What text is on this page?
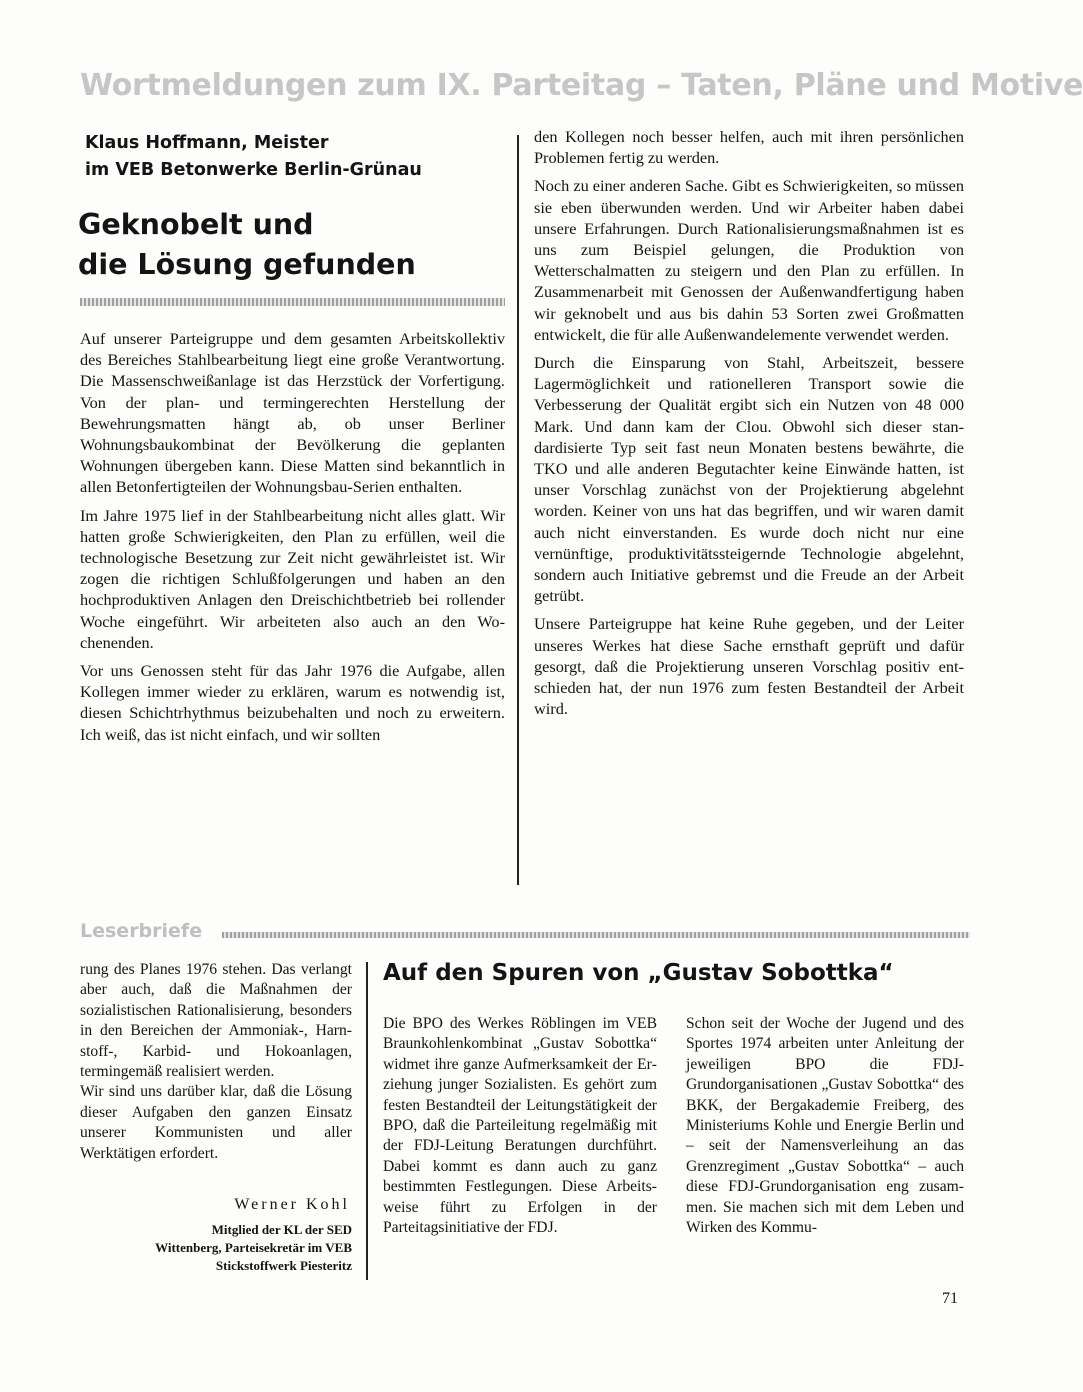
Wortmeldungen zum IX. Parteitag – Taten, Pläne und Motive
Klaus Hoffmann, Meister
im VEB Betonwerke Berlin-Grünau
Geknobelt und
die Lösung gefunden

Auf unserer Parteigruppe und dem gesamten Arbeitskollektiv des Bereiches Stahlbearbeitung liegt eine große Verantwortung. Die Massenschweißanlage ist das Herzstück der Vorfertigung. Von der plan- und termingerechten Herstellung der Bewehrungsmatten hängt ab, ob unser Berliner Wohnungsbaukombinat der Bevölkerung die geplanten Wohnungen übergeben kann. Diese Matten sind bekanntlich in allen Betonfertigteilen der Wohnungsbau-Serien enthalten.

Im Jahre 1975 lief in der Stahlbearbeitung nicht alles glatt. Wir hatten große Schwierigkeiten, den Plan zu erfüllen, weil die technologische Besetzung zur Zeit nicht gewährleistet ist. Wir zogen die richtigen Schlußfolgerungen und haben an den hochproduktiven Anlagen den Dreischichtbetrieb bei rollender Woche eingeführt. Wir arbeiteten also auch an den Wochenenden.

Vor uns Genossen steht für das Jahr 1976 die Aufgabe, allen Kollegen immer wieder zu erklären, warum es notwendig ist, diesen Schichtrhythmus beizubehalten und noch zu erweitern. Ich weiß, das ist nicht einfach, und wir sollten

den Kollegen noch besser helfen, auch mit ihren persönlichen Problemen fertig zu werden.

Noch zu einer anderen Sache. Gibt es Schwierigkeiten, so müssen sie eben überwunden werden. Und wir Arbeiter haben dabei unsere Erfahrungen. Durch Rationalisierungsmaßnahmen ist es uns zum Beispiel gelungen, die Produktion von Wetterschalmatten zu steigern und den Plan zu erfüllen. In Zusammenarbeit mit Genossen der Außenwandfertigung haben wir geknobelt und aus bis dahin 53 Sorten zwei Großmatten entwickelt, die für alle Außenwandelemente verwendet werden.

Durch die Einsparung von Stahl, Arbeitszeit, bessere Lagermöglichkeit und rationelleren Transport sowie die Verbesserung der Qualität ergibt sich ein Nutzen von 48 000 Mark. Und dann kam der Clou. Obwohl sich dieser standardisierte Typ seit fast neun Monaten bestens bewährte, die TKO und alle anderen Begutachter keine Einwände hatten, ist unser Vorschlag zunächst von der Projektierung abgelehnt worden. Keiner von uns hat das begriffen, und wir waren damit auch nicht einverstanden. Es wurde doch nicht nur eine vernünftige, produktivitätssteigernde Technologie abgelehnt, sondern auch Initiative gebremst und die Freude an der Arbeit getrübt.

Unsere Parteigruppe hat keine Ruhe gegeben, und der Leiter unseres Werkes hat diese Sache ernsthaft geprüft und dafür gesorgt, daß die Projektierung unseren Vorschlag positiv entschieden hat, der nun 1976 zum festen Bestandteil der Arbeit wird.

Leserbriefe

rung des Planes 1976 stehen. Das verlangt aber auch, daß die Maßnahmen der sozialistischen Rationalisierung, besonders in den Bereichen der Ammoniak-, Harnstoff-, Karbid- und Hokoanlagen, termingemäß realisiert werden.

Wir sind uns darüber klar, daß die Lösung dieser Aufgaben den ganzen Einsatz unserer Kommunisten und aller Werktätigen erfordert.

Werner Kohl
Mitglied der KL der SED
Wittenberg, Parteisekretär im VEB
Stickstoffwerk Piesteritz
Auf den Spuren von „Gustav Sobottka“
Die BPO des Werkes Röblingen im VEB Braunkohlenkombinat „Gustav Sobottka“ widmet ihre ganze Aufmerksamkeit der Erziehung junger Sozialisten. Es gehört zum festen Bestandteil der Leitungstätigkeit der BPO, daß die Parteileitung regelmäßig mit der FDJ-Leitung Beratungen durchführt. Dabei kommt es dann auch zu ganz bestimmten Festlegungen. Diese Arbeitsweise führt zu Erfolgen in der Parteitagsinitiative der FDJ.
Schon seit der Woche der Jugend und des Sportes 1974 arbeiten unter Anleitung der jeweiligen BPO die FDJ-Grundorganisationen „Gustav Sobottka“ des BKK, der Bergakademie Freiberg, des Ministeriums Kohle und Energie Berlin und – seit der Namensverleihung an das Grenzregiment „Gustav Sobottka“ – auch diese FDJ-Grundorganisation eng zusammen. Sie machen sich mit dem Leben und Wirken des Kommu-
71
